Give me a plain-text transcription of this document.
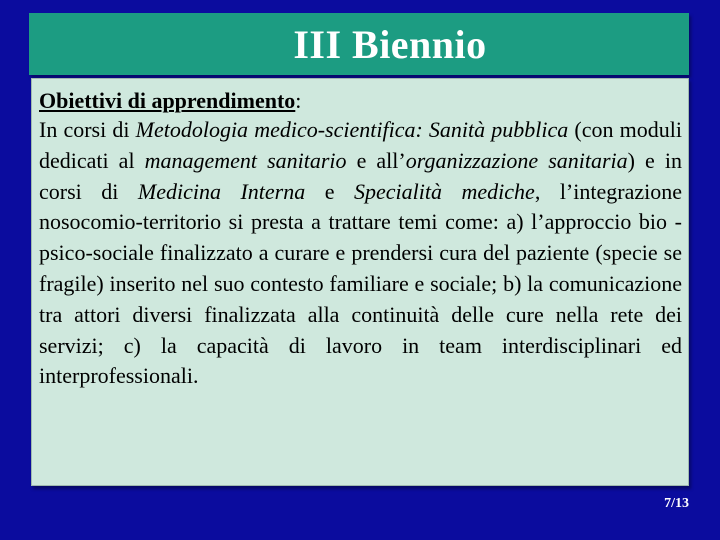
III Biennio
Obiettivi di apprendimento:

In corsi di Metodologia medico-scientifica: Sanità pubblica (con moduli dedicati al management sanitario e all’organizzazione sanitaria) e in corsi di Medicina Interna e Specialità mediche, l’integrazione nosocomio-territorio si presta a trattare temi come: a) l’approccio bio -psico-sociale finalizzato a curare e prendersi cura del paziente (specie se fragile) inserito nel suo contesto familiare e sociale; b) la comunicazione tra attori diversi finalizzata alla continuità delle cure nella rete dei servizi; c) la capacità di lavoro in team interdisciplinari ed interprofessionali.

7/13
